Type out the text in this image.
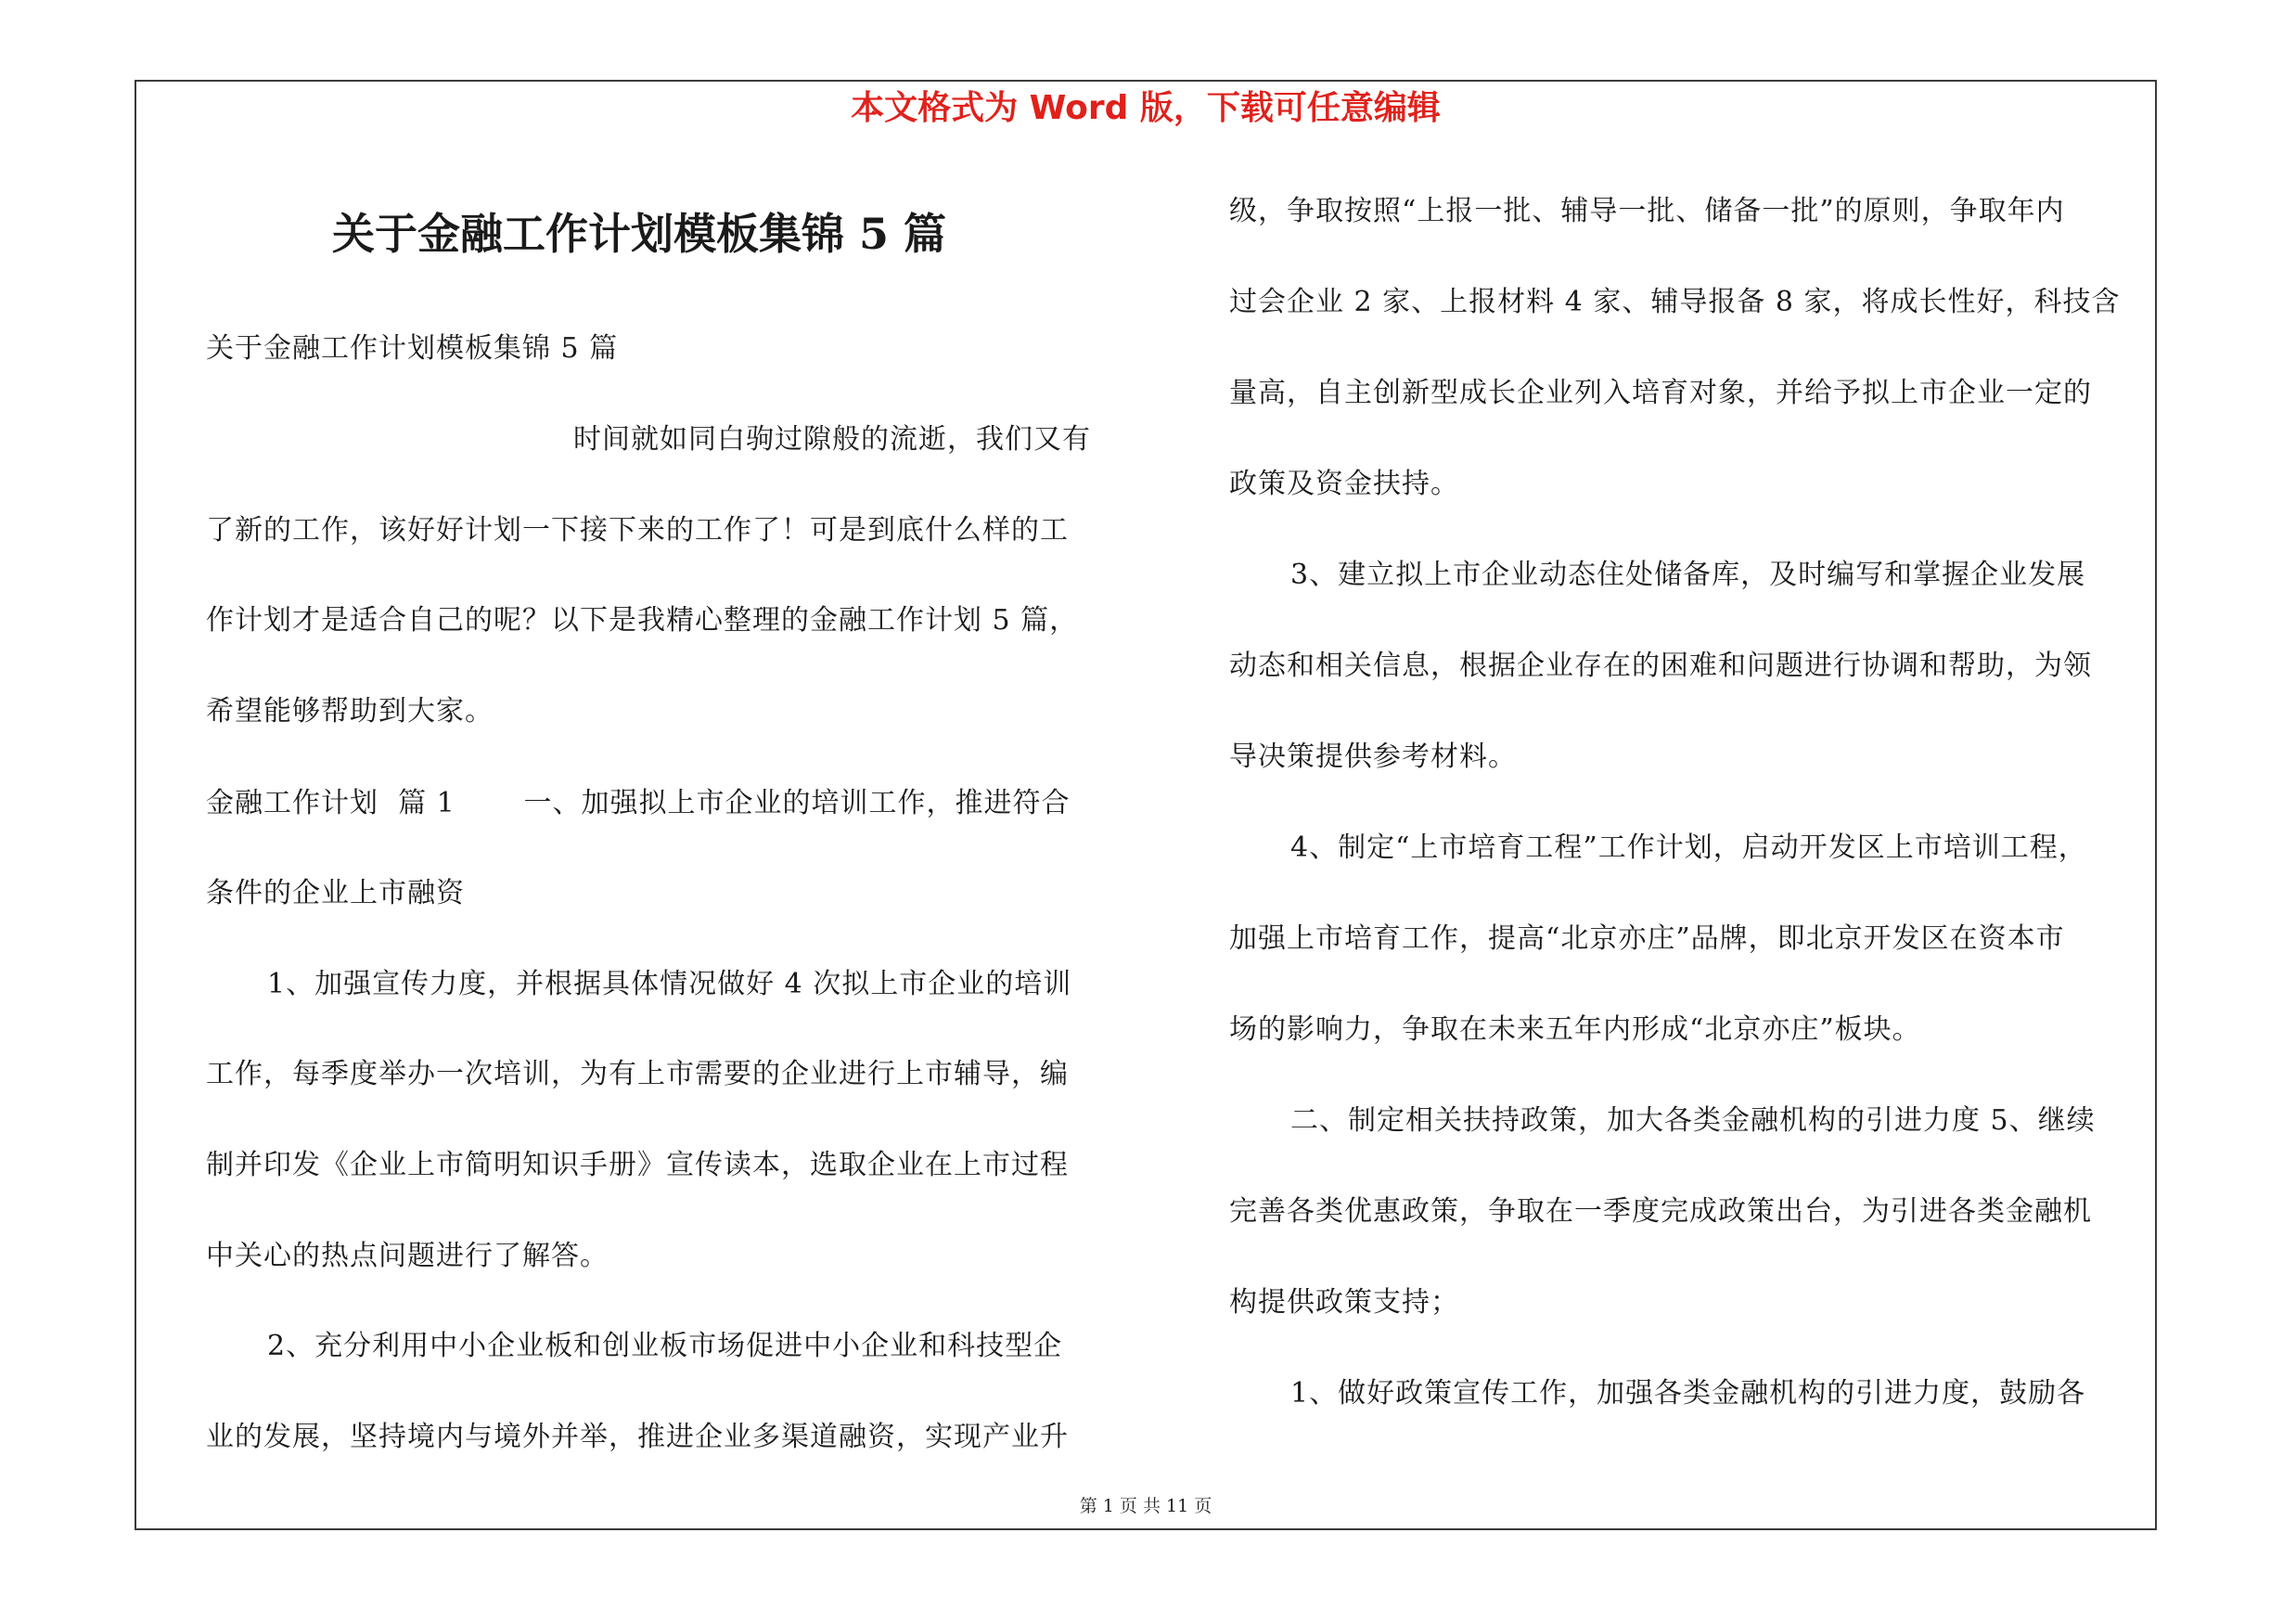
本文格式为 Word 版，下载可任意编辑
关于金融工作计划模板集锦 5 篇
关于金融工作计划模板集锦 5 篇
时间就如同白驹过隙般的流逝，我们又有
了新的工作，该好好计划一下接下来的工作了！可是到底什么样的工
作计划才是适合自己的呢？以下是我精心整理的金融工作计划 5 篇，
希望能够帮助到大家。
金融工作计划  篇 1       一、加强拟上市企业的培训工作，推进符合
条件的企业上市融资
1、加强宣传力度，并根据具体情况做好 4 次拟上市企业的培训
工作，每季度举办一次培训，为有上市需要的企业进行上市辅导，编
制并印发《企业上市简明知识手册》宣传读本，选取企业在上市过程
中关心的热点问题进行了解答。
2、充分利用中小企业板和创业板市场促进中小企业和科技型企
业的发展，坚持境内与境外并举，推进企业多渠道融资，实现产业升
级，争取按照“上报一批、辅导一批、储备一批”的原则，争取年内
过会企业 2 家、上报材料 4 家、辅导报备 8 家，将成长性好，科技含
量高，自主创新型成长企业列入培育对象，并给予拟上市企业一定的
政策及资金扶持。
3、建立拟上市企业动态住处储备库，及时编写和掌握企业发展
动态和相关信息，根据企业存在的困难和问题进行协调和帮助，为领
导决策提供参考材料。
4、制定“上市培育工程”工作计划，启动开发区上市培训工程，
加强上市培育工作，提高“北京亦庄”品牌，即北京开发区在资本市
场的影响力，争取在未来五年内形成“北京亦庄”板块。
二、制定相关扶持政策，加大各类金融机构的引进力度 5、继续
完善各类优惠政策，争取在一季度完成政策出台，为引进各类金融机
构提供政策支持；
1、做好政策宣传工作，加强各类金融机构的引进力度，鼓励各
第 1 页 共 11 页
